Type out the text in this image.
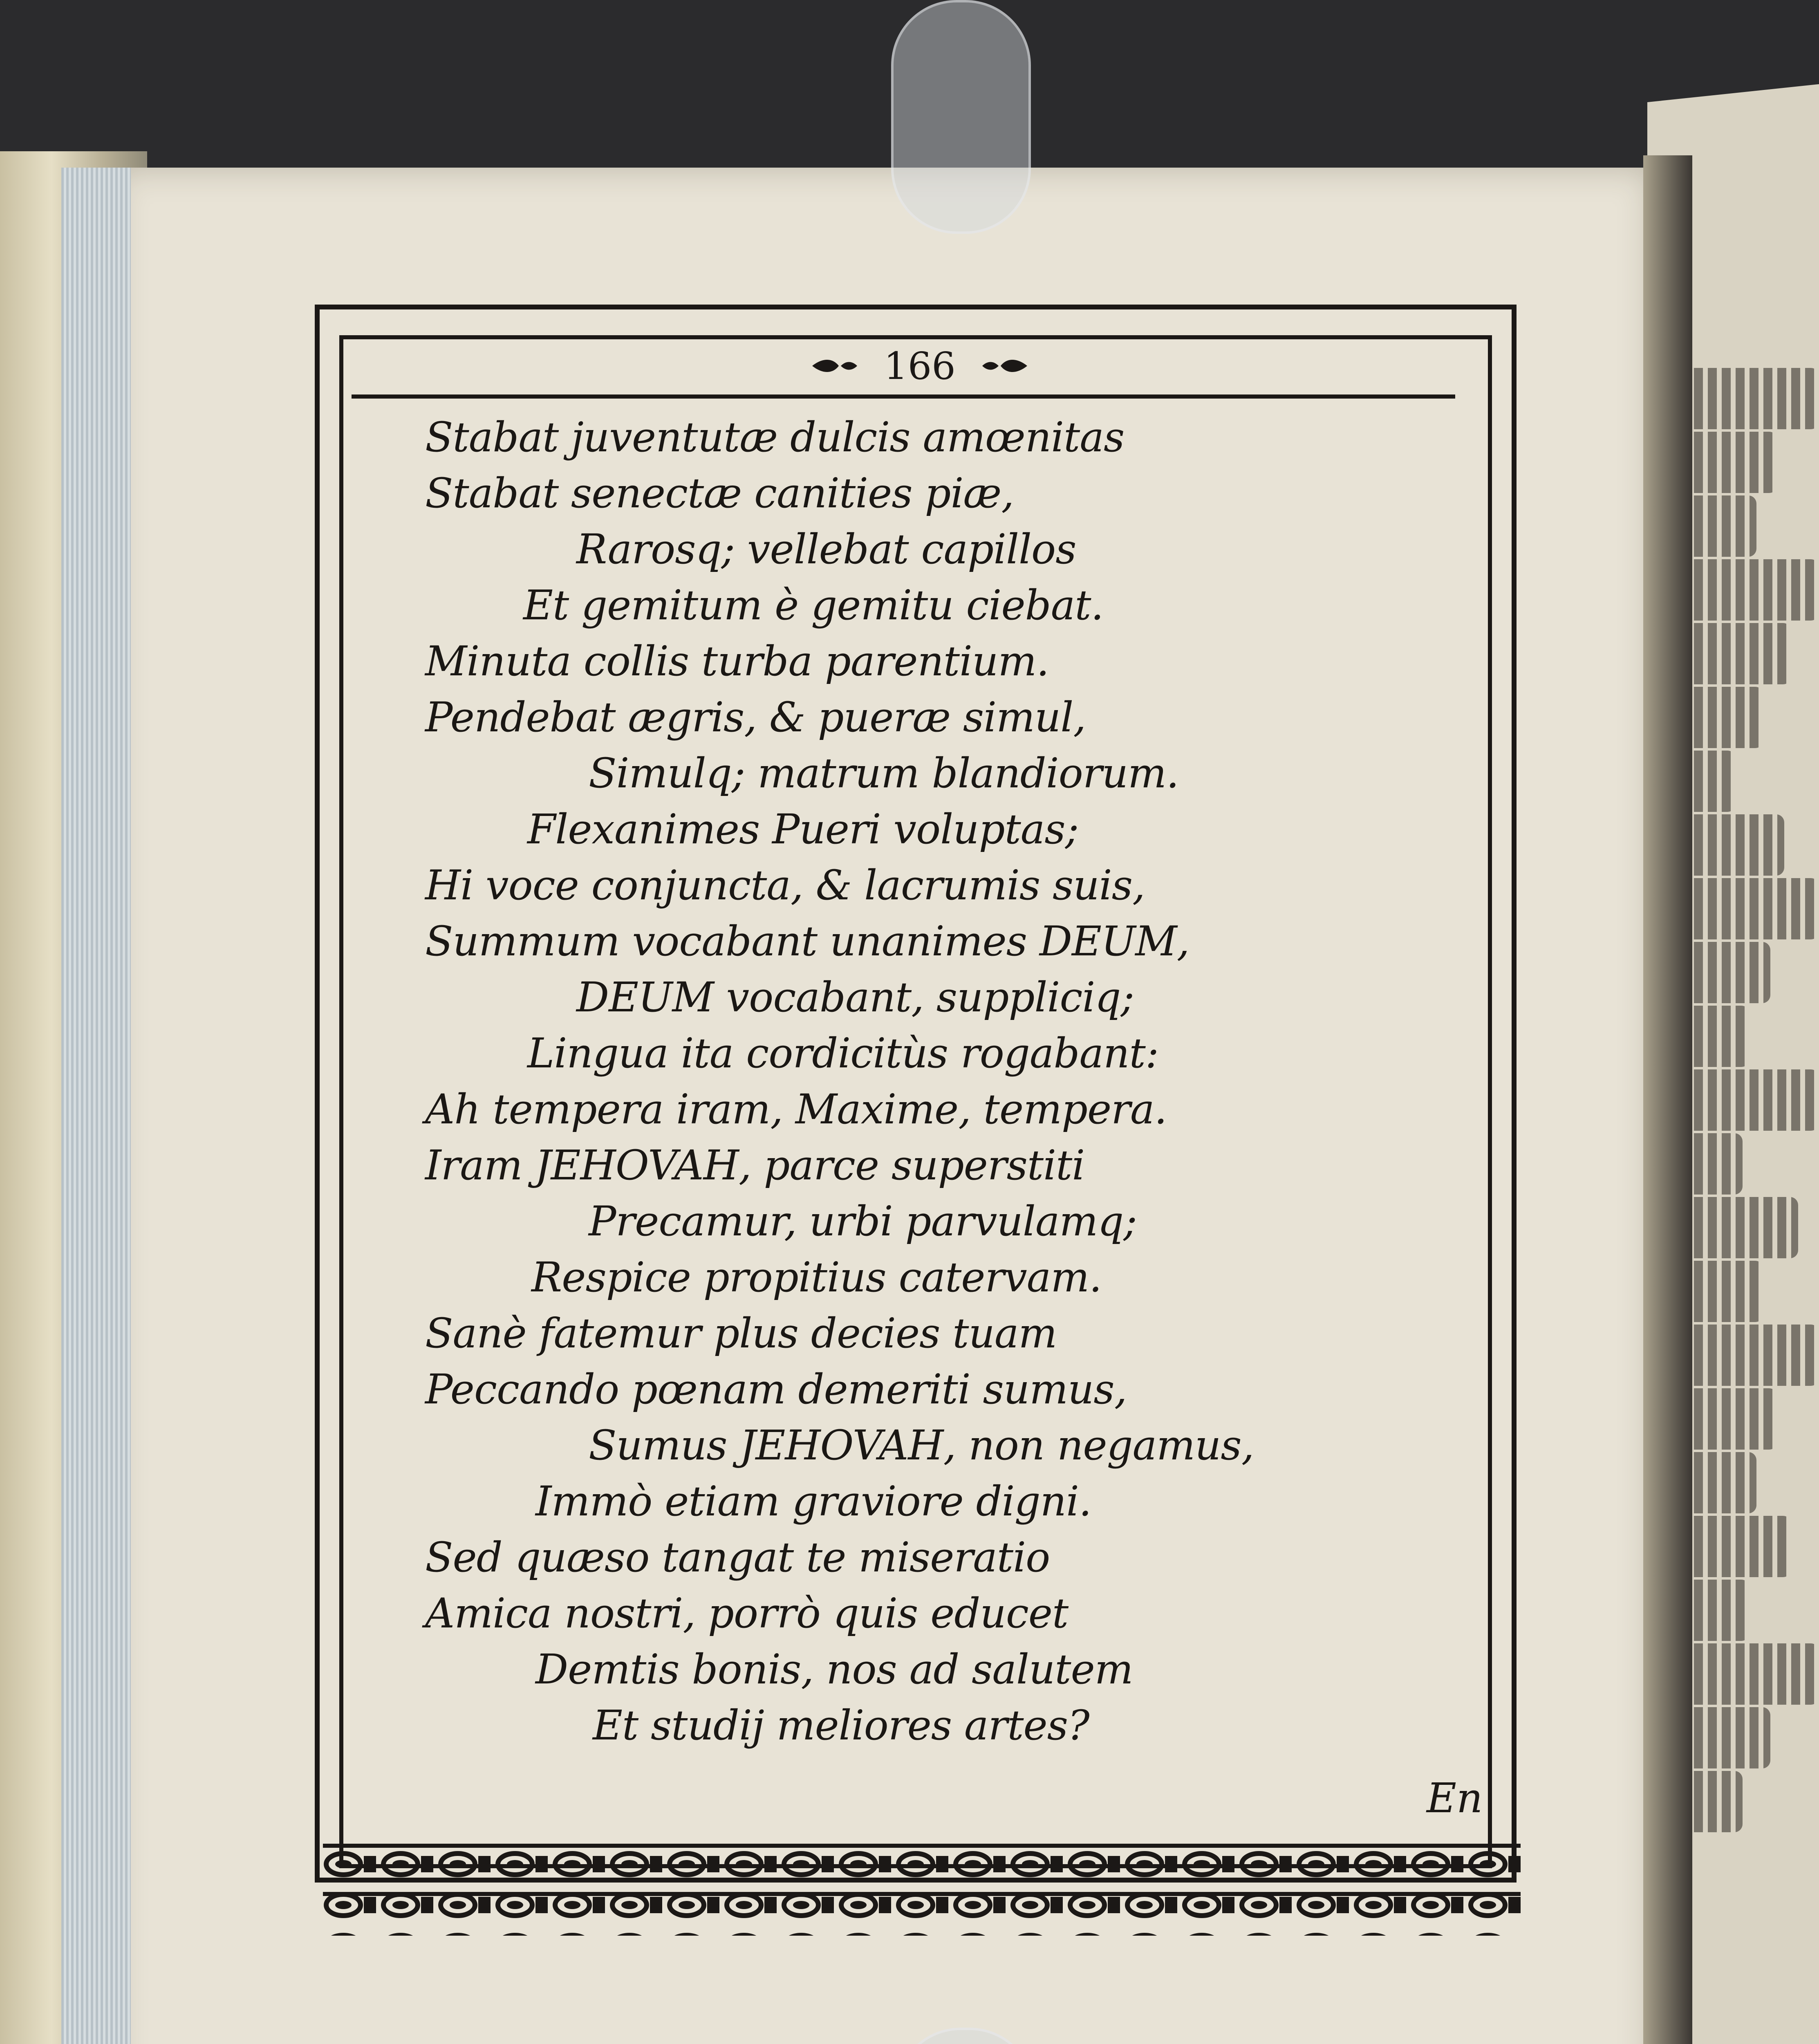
166
Stabat juventutæ dulcis amœnitas
Stabat senectæ canities piæ,
Rarosq; vellebat capillos
Et gemitum è gemitu ciebat.
Minuta collis turba parentium.
Pendebat ægris, & pueræ simul,
Simulq; matrum blandiorum.
Flexanimes Pueri voluptas;
Hi voce conjuncta, & lacrumis suis,
Summum vocabant unanimes DEUM,
DEUM vocabant, suppliciq;
Lingua ita cordicitùs rogabant:
Ah tempera iram, Maxime, tempera.
Iram JEHOVAH, parce superstiti
Precamur, urbi parvulamq;
Respice propitius catervam.
Sanè fatemur plus decies tuam
Peccando pœnam demeriti sumus,
Sumus JEHOVAH, non negamus,
Immò etiam graviore digni.
Sed quæso tangat te miseratio
Amica nostri, porrò quis educet
Demtis bonis, nos ad salutem
Et studij meliores artes?
En
